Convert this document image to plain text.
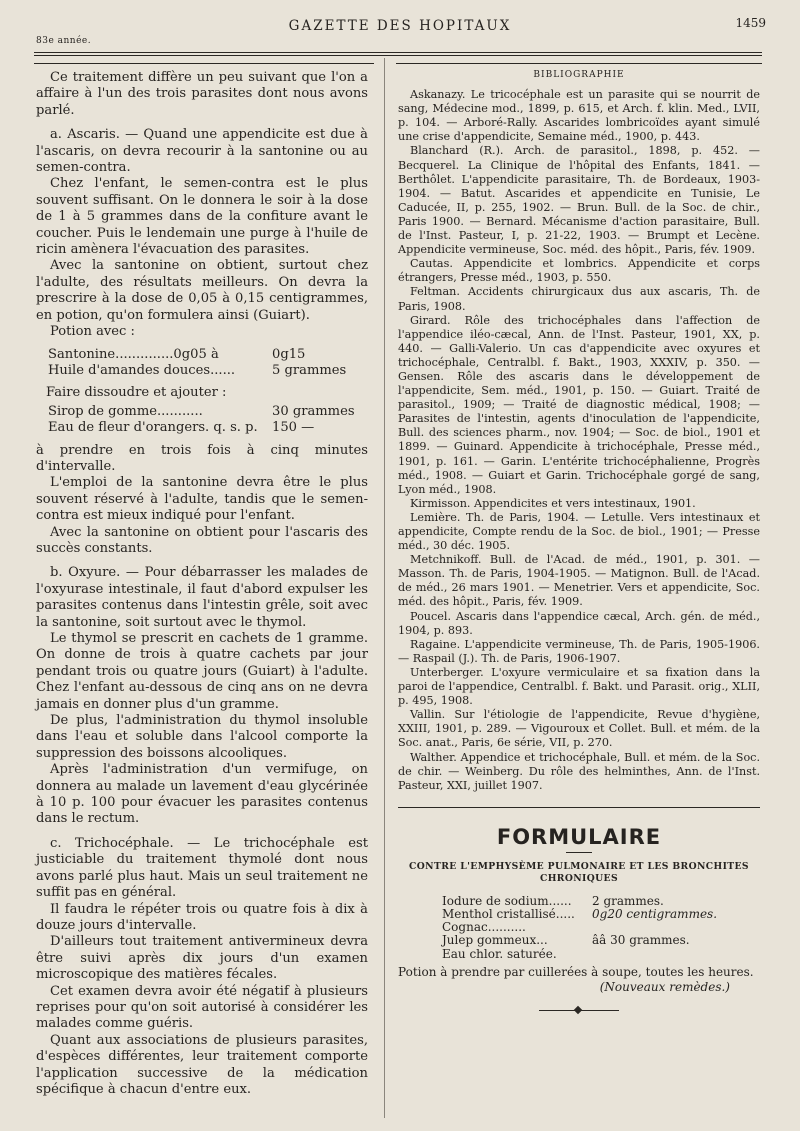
83e année.
GAZETTE DES HOPITAUX	1459

Ce traitement diffère un peu suivant que l'on a affaire à l'un des trois parasites dont nous avons parlé.

a. Ascaris. — Quand une appendicite est due à l'ascaris, on devra recourir à la santonine ou au semen-contra.

Chez l'enfant, le semen-contra est le plus souvent suffisant. On le donnera le soir à la dose de 1 à 5 grammes dans de la confiture avant le coucher. Puis le lendemain une purge à l'huile de ricin amènera l'évacuation des parasites.

Avec la santonine on obtient, surtout chez l'adulte, des résultats meilleurs. On devra la prescrire à la dose de 0,05 à 0,15 centigrammes, en potion, qu'on formulera ainsi (Guiart).

Potion avec :

Santonine..............0g05 à	0g15
Huile d'amandes douces......	5 grammes

Faire dissoudre et ajouter :

Sirop de gomme...........	30 grammes
Eau de fleur d'orangers. q. s. p. 150 —

à prendre en trois fois à cinq minutes d'intervalle.

L'emploi de la santonine devra être le plus souvent réservé à l'adulte, tandis que le semen-contra est mieux indiqué pour l'enfant.

Avec la santonine on obtient pour l'ascaris des succès constants.

b. Oxyure. — Pour débarrasser les malades de l'oxyurase intestinale, il faut d'abord expulser les parasites contenus dans l'intestin grêle, soit avec la santonine, soit surtout avec le thymol.

Le thymol se prescrit en cachets de 1 gramme. On donne de trois à quatre cachets par jour pendant trois ou quatre jours (Guiart) à l'adulte. Chez l'enfant au-dessous de cinq ans on ne devra jamais en donner plus d'un gramme.

De plus, l'administration du thymol insoluble dans l'eau et soluble dans l'alcool comporte la suppression des boissons alcooliques.

Après l'administration d'un vermifuge, on donnera au malade un lavement d'eau glycérinée à 10 p. 100 pour évacuer les parasites contenus dans le rectum.

c. Trichocéphale. — Le trichocéphale est justiciable du traitement thymolé dont nous avons parlé plus haut. Mais un seul traitement ne suffit pas en général.

Il faudra le répéter trois ou quatre fois à dix à douze jours d'intervalle.

D'ailleurs tout traitement antivermineux devra être suivi après dix jours d'un examen microscopique des matières fécales.

Cet examen devra avoir été négatif à plusieurs reprises pour qu'on soit autorisé à considérer les malades comme guéris.

Quant aux associations de plusieurs parasites, d'espèces différentes, leur traitement comporte l'application successive de la médication spécifique à chacun d'entre eux.

BIBLIOGRAPHIE

Askanazy. Le tricocéphale est un parasite qui se nourrit de sang, Médecine mod., 1899, p. 615, et Arch. f. klin. Med., LVII, p. 104. — Arboré-Rally. Ascarides lombricoïdes ayant simulé une crise d'appendicite, Semaine méd., 1900, p. 443.

Blanchard (R.). Arch. de parasitol., 1898, p. 452. — Becquerel. La Clinique de l'hôpital des Enfants, 1841. — Berthôlet. L'appendicite parasitaire, Th. de Bordeaux, 1903-1904. — Batut. Ascarides et appendicite en Tunisie, Le Caducée, II, p. 255, 1902. — Brun. Bull. de la Soc. de chir., Paris 1900. — Bernard. Mécanisme d'action parasitaire, Bull. de l'Inst. Pasteur, I, p. 21-22, 1903. — Brumpt et Lecène. Appendicite vermineuse, Soc. méd. des hôpit., Paris, fév. 1909.

Cautas. Appendicite et lombrics. Appendicite et corps étrangers, Presse méd., 1903, p. 550.

Feltman. Accidents chirurgicaux dus aux ascaris, Th. de Paris, 1908.

Girard. Rôle des trichocéphales dans l'affection de l'appendice iléo-cæcal, Ann. de l'Inst. Pasteur, 1901, XX, p. 440. — Galli-Valerio. Un cas d'appendicite avec oxyures et trichocéphale, Centralbl. f. Bakt., 1903, XXXIV, p. 350. — Gensen. Rôle des ascaris dans le développement de l'appendicite, Sem. méd., 1901, p. 150. — Guiart. Traité de parasitol., 1909; — Traité de diagnostic médical, 1908; — Parasites de l'intestin, agents d'inoculation de l'appendicite, Bull. des sciences pharm., nov. 1904; — Soc. de biol., 1901 et 1899. — Guinard. Appendicite à trichocéphale, Presse méd., 1901, p. 161. — Garin. L'entérite trichocéphalienne, Progrès méd., 1908. — Guiart et Garin. Trichocéphale gorgé de sang, Lyon méd., 1908.

Kirmisson. Appendicites et vers intestinaux, 1901.

Lemière. Th. de Paris, 1904. — Letulle. Vers intestinaux et appendicite, Compte rendu de la Soc. de biol., 1901; — Presse méd., 30 déc. 1905.

Metchnikoff. Bull. de l'Acad. de méd., 1901, p. 301. — Masson. Th. de Paris, 1904-1905. — Matignon. Bull. de l'Acad. de méd., 26 mars 1901. — Menetrier. Vers et appendicite, Soc. méd. des hôpit., Paris, fév. 1909.

Poucel. Ascaris dans l'appendice cæcal, Arch. gén. de méd., 1904, p. 893.

Ragaine. L'appendicite vermineuse, Th. de Paris, 1905-1906. — Raspail (J.). Th. de Paris, 1906-1907.

Unterberger. L'oxyure vermiculaire et sa fixation dans la paroi de l'appendice, Centralbl. f. Bakt. und Parasit. orig., XLII, p. 495, 1908.

Vallin. Sur l'étiologie de l'appendicite, Revue d'hygiène, XXIII, 1901, p. 289. — Vigouroux et Collet. Bull. et mém. de la Soc. anat., Paris, 6e série, VII, p. 270.

Walther. Appendice et trichocéphale, Bull. et mém. de la Soc. de chir. — Weinberg. Du rôle des helminthes, Ann. de l'Inst. Pasteur, XXI, juillet 1907.

FORMULAIRE
CONTRE L'EMPHYSÈME PULMONAIRE ET LES BRONCHITES
CHRONIQUES
Iodure de sodium......	2 grammes.
Menthol cristallisé.....	0g20 centigrammes.
Cognac..........
Julep gommeux...	ââ 30 grammes.
Eau chlor. saturée.
Potion à prendre par cuillerées à soupe, toutes les heures.
(Nouveaux remèdes.)
